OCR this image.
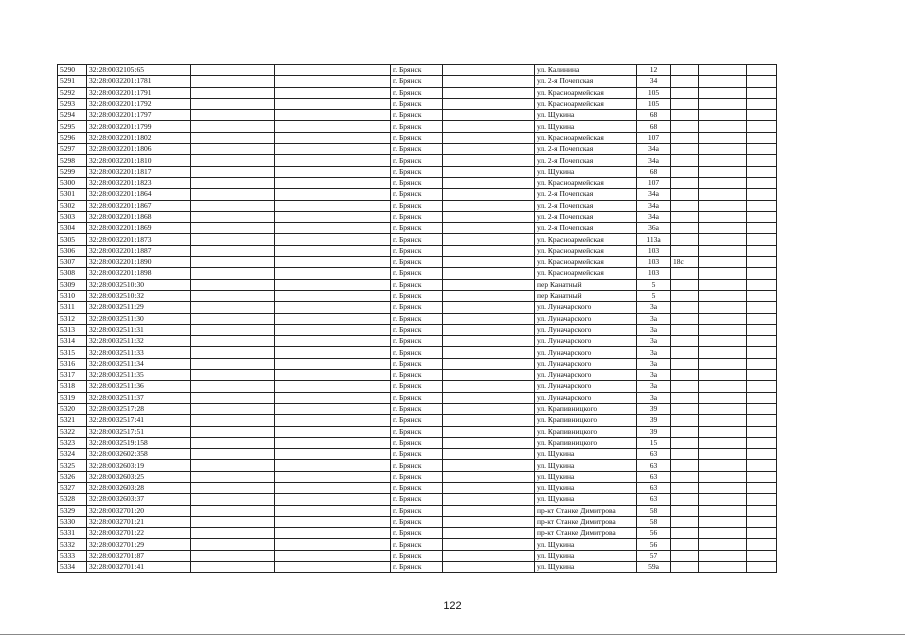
5290	32:28:0032105:65			г. Брянск		ул. Калинина	12			
5291	32:28:0032201:1781			г. Брянск		ул. 2-я Почепская	34			
5292	32:28:0032201:1791			г. Брянск		ул. Красноармейская	105			
5293	32:28:0032201:1792			г. Брянск		ул. Красноармейская	105			
5294	32:28:0032201:1797			г. Брянск		ул. Щукина	68			
5295	32:28:0032201:1799			г. Брянск		ул. Щукина	68			
5296	32:28:0032201:1802			г. Брянск		ул. Красноармейская	107			
5297	32:28:0032201:1806			г. Брянск		ул. 2-я Почепская	34а			
5298	32:28:0032201:1810			г. Брянск		ул. 2-я Почепская	34а			
5299	32:28:0032201:1817			г. Брянск		ул. Щукина	68			
5300	32:28:0032201:1823			г. Брянск		ул. Красноармейская	107			
5301	32:28:0032201:1864			г. Брянск		ул. 2-я Почепская	34а			
5302	32:28:0032201:1867			г. Брянск		ул. 2-я Почепская	34а			
5303	32:28:0032201:1868			г. Брянск		ул. 2-я Почепская	34а			
5304	32:28:0032201:1869			г. Брянск		ул. 2-я Почепская	36а			
5305	32:28:0032201:1873			г. Брянск		ул. Красноармейская	113а			
5306	32:28:0032201:1887			г. Брянск		ул. Красноармейская	103			
5307	32:28:0032201:1890			г. Брянск		ул. Красноармейская	103	18с		
5308	32:28:0032201:1898			г. Брянск		ул. Красноармейская	103			
5309	32:28:0032510:30			г. Брянск		пер Канатный	5			
5310	32:28:0032510:32			г. Брянск		пер Канатный	5			
5311	32:28:0032511:29			г. Брянск		ул. Луначарского	3а			
5312	32:28:0032511:30			г. Брянск		ул. Луначарского	3а			
5313	32:28:0032511:31			г. Брянск		ул. Луначарского	3а			
5314	32:28:0032511:32			г. Брянск		ул. Луначарского	3а			
5315	32:28:0032511:33			г. Брянск		ул. Луначарского	3а			
5316	32:28:0032511:34			г. Брянск		ул. Луначарского	3а			
5317	32:28:0032511:35			г. Брянск		ул. Луначарского	3а			
5318	32:28:0032511:36			г. Брянск		ул. Луначарского	3а			
5319	32:28:0032511:37			г. Брянск		ул. Луначарского	3а			
5320	32:28:0032517:28			г. Брянск		ул. Крапивницкого	39			
5321	32:28:0032517:41			г. Брянск		ул. Крапивницкого	39			
5322	32:28:0032517:51			г. Брянск		ул. Крапивницкого	39			
5323	32:28:0032519:158			г. Брянск		ул. Крапивницкого	15			
5324	32:28:0032602:358			г. Брянск		ул. Щукина	63			
5325	32:28:0032603:19			г. Брянск		ул. Щукина	63			
5326	32:28:0032603:25			г. Брянск		ул. Щукина	63			
5327	32:28:0032603:28			г. Брянск		ул. Щукина	63			
5328	32:28:0032603:37			г. Брянск		ул. Щукина	63			
5329	32:28:0032701:20			г. Брянск		пр-кт Станке Димитрова	58			
5330	32:28:0032701:21			г. Брянск		пр-кт Станке Димитрова	58			
5331	32:28:0032701:22			г. Брянск		пр-кт Станке Димитрова	56			
5332	32:28:0032701:29			г. Брянск		ул. Щукина	56			
5333	32:28:0032701:87			г. Брянск		ул. Щукина	57			
5334	32:28:0032701:41			г. Брянск		ул. Щукина	59а			
122
